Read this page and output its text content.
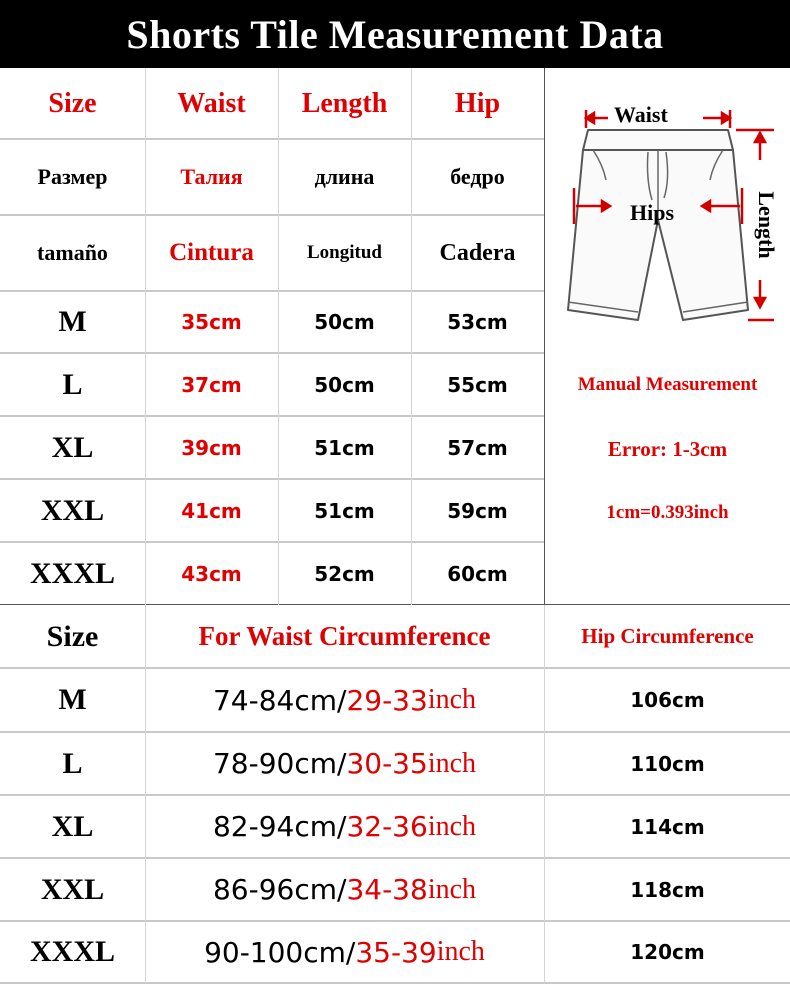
Shorts Tile Measurement Data
Size	Waist	Length	Hip
Размер	Талия	длина	бедро
tamaño	Cintura	Longitud	Cadera
M	35cm	50cm	53cm
L	37cm	50cm	55cm
XL	39cm	51cm	57cm
XXL	41cm	51cm	59cm
XXXL	43cm	52cm	60cm
Waist
Hips	Length
Manual Measurement
Error: 1-3cm
1cm=0.393inch
Size	For Waist Circumference	Hip Circumference
M	74-84cm/ 29-33 inch	106cm
L	78-90cm/ 30-35 inch	110cm
XL	82-94cm/ 32-36 inch	114cm
XXL	86-96cm/ 34-38 inch	118cm
XXXL	90-100cm/ 35-39 inch	120cm
